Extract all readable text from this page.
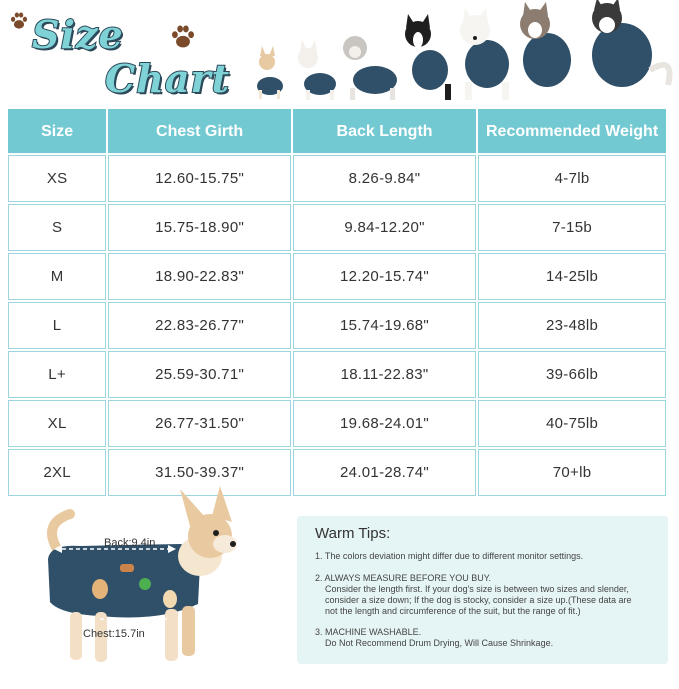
Size
Chart
Size	Chest Girth	Back Length	Recommended Weight
XS	12.60-15.75"	8.26-9.84"	4-7lb
S	15.75-18.90"	9.84-12.20"	7-15b
M	18.90-22.83"	12.20-15.74"	14-25lb
L	22.83-26.77"	15.74-19.68"	23-48lb
L+	25.59-30.71"	18.11-22.83"	39-66lb
XL	26.77-31.50"	19.68-24.01"	40-75lb
2XL	31.50-39.37"	24.01-28.74"	70+lb
Back:9.4in
Chest:15.7in
Warm Tips:
1. The colors deviation might differ due to different monitor settings.
2. ALWAYS MEASURE BEFORE YOU BUY.
Consider the length first. If your dog's size is between two sizes and slender,
consider a size down; If the dog is stocky, consider a size up.(These data are
not the length and circumference of the suit, but the range of fit.)
3. MACHINE WASHABLE.
Do Not Recommend Drum Drying, Will Cause Shrinkage.
